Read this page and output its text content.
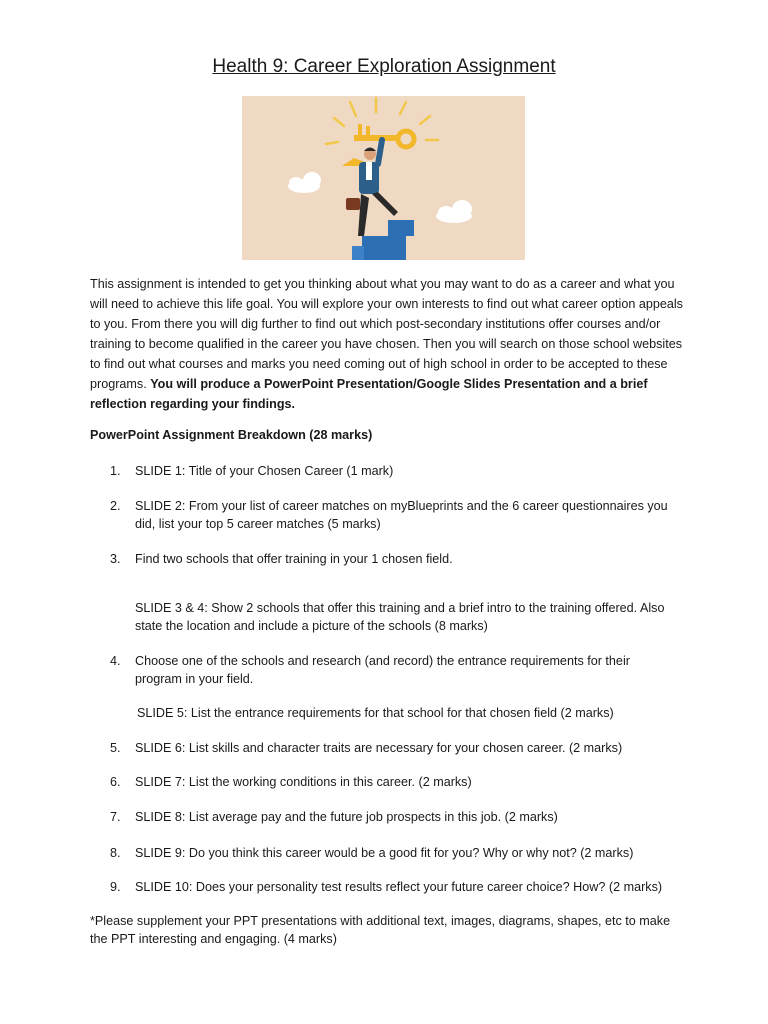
Health 9: Career Exploration Assignment

This assignment is intended to get you thinking about what you may want to do as a career and what you will need to achieve this life goal. You will explore your own interests to find out what career option appeals to you. From there you will dig further to find out which post-secondary institutions offer courses and/or training to become qualified in the career you have chosen. Then you will search on those school websites to find out what courses and marks you need coming out of high school in order to be accepted to these programs. You will produce a PowerPoint Presentation/Google Slides Presentation and a brief reflection regarding your findings.

PowerPoint Assignment Breakdown (28 marks)
1.	SLIDE 1: Title of your Chosen Career (1 mark)
2.	SLIDE 2: From your list of career matches on myBlueprints and the 6 career questionnaires you did, list your top 5 career matches (5 marks)
3.	Find two schools that offer training in your 1 chosen field.
SLIDE 3 & 4: Show 2 schools that offer this training and a brief intro to the training offered. Also state the location and include a picture of the schools (8 marks)
4.	Choose one of the schools and research (and record) the entrance requirements for their program in your field.
SLIDE 5: List the entrance requirements for that school for that chosen field (2 marks)
5.	SLIDE 6: List skills and character traits are necessary for your chosen career. (2 marks)
6.	SLIDE 7: List the working conditions in this career. (2 marks)
7.	SLIDE 8: List average pay and the future job prospects in this job. (2 marks)
8.	SLIDE 9: Do you think this career would be a good fit for you? Why or why not? (2 marks)
9.	SLIDE 10: Does your personality test results reflect your future career choice? How? (2 marks)

*Please supplement your PPT presentations with additional text, images, diagrams, shapes, etc to make the PPT interesting and engaging. (4 marks)
